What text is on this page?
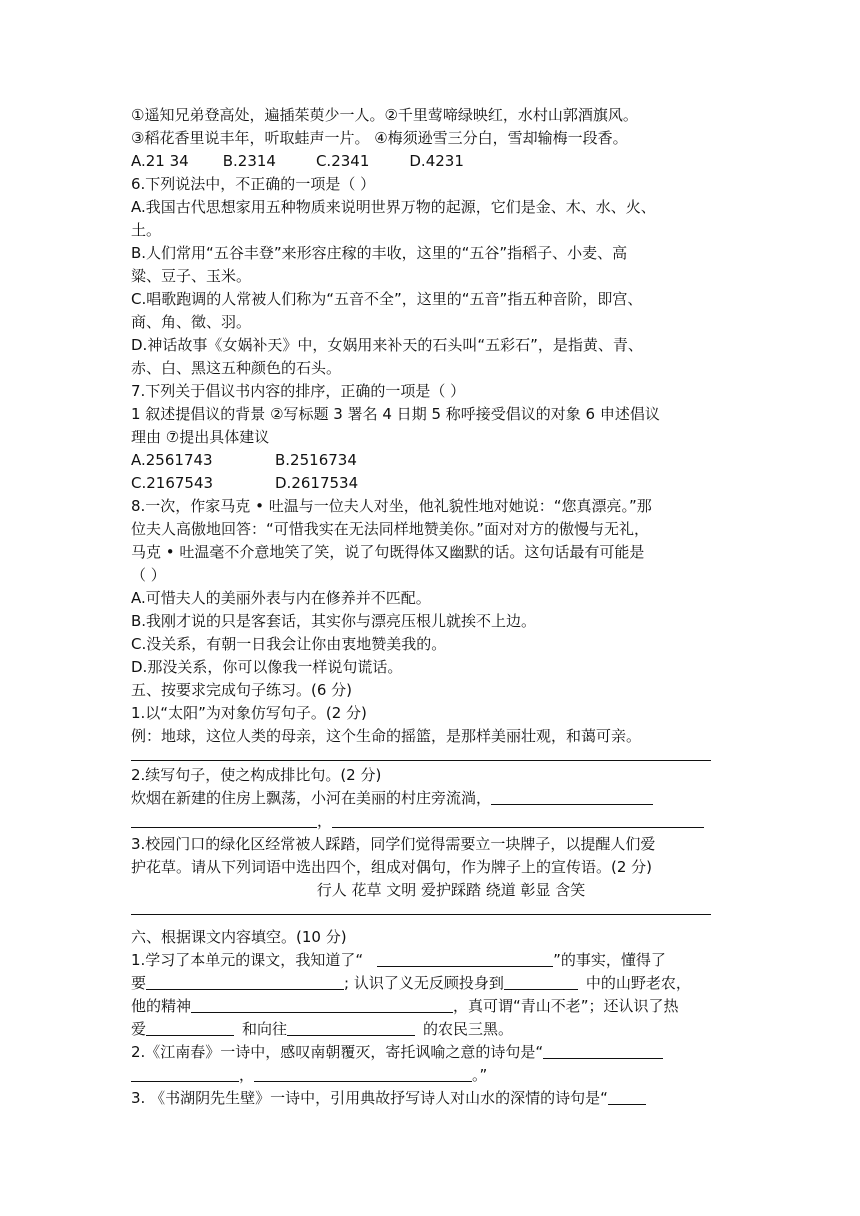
①遥知兄弟登高处，遍插茱萸少一人。②千里莺啼绿映红，水村山郭酒旗风。

③稻花香里说丰年，听取蛙声一片。 ④梅须逊雪三分白，雪却输梅一段香。

A.21 34 B.2314	C.2341	D.4231

6.下列说法中，不正确的一项是（ ）

A.我国古代思想家用五种物质来说明世界万物的起源，它们是金、木、水、火、

土。

B.人们常用“五谷丰登”来形容庄稼的丰收，这里的“五谷”指稻子、小麦、高

粱、豆子、玉米。

C.唱歌跑调的人常被人们称为“五音不全”，这里的“五音”指五种音阶，即宫、

商、角、徵、羽。

D.神话故事《女娲补天》中，女娲用来补天的石头叫“五彩石”，是指黄、青、

赤、白、黑这五种颜色的石头。

7.下列关于倡议书内容的排序，正确的一项是（ ）

1 叙述提倡议的背景 ②写标题 3 署名 4 日期 5 称呼接受倡议的对象 6 申述倡议

理由 ⑦提出具体建议

A.2561743	B.2516734

C.2167543	D.2617534

8.一次，作家马克 • 吐温与一位夫人对坐，他礼貌性地对她说：“您真漂亮。”那

位夫人高傲地回答：“可惜我实在无法同样地赞美你。”面对对方的傲慢与无礼，

马克 • 吐温毫不介意地笑了笑，说了句既得体又幽默的话。这句话最有可能是

（ ）

A.可惜夫人的美丽外表与内在修养并不匹配。

B.我刚才说的只是客套话，其实你与漂亮压根儿就挨不上边。

C.没关系，有朝一日我会让你由衷地赞美我的。

D.那没关系，你可以像我一样说句谎话。

五、按要求完成句子练习。(6 分)

1.以“太阳”为对象仿写句子。(2 分)

例：地球，这位人类的母亲，这个生命的摇篮，是那样美丽壮观，和蔼可亲。

2.续写句子，使之构成排比句。(2 分)

炊烟在新建的住房上飘荡，小河在美丽的村庄旁流淌，

，

3.校园门口的绿化区经常被人踩踏，同学们觉得需要立一块牌子，以提醒人们爱

护花草。请从下列词语中选出四个，组成对偶句，作为牌子上的宣传语。(2 分)

行人 花草 文明 爱护踩踏 绕道 彰显 含笑

六、根据课文内容填空。(10 分)

1.学习了本单元的课文，我知道了“	”的事实，懂得了

要	; 认识了义无反顾投身到	中的山野老农，

他的精神	，真可谓“青山不老”；还认识了热

爱	和向往	的农民三黑。

2.《江南春》一诗中，感叹南朝覆灭，寄托讽喻之意的诗句是“

，	。”

3. 《书湖阴先生壁》一诗中，引用典故抒写诗人对山水的深情的诗句是“
